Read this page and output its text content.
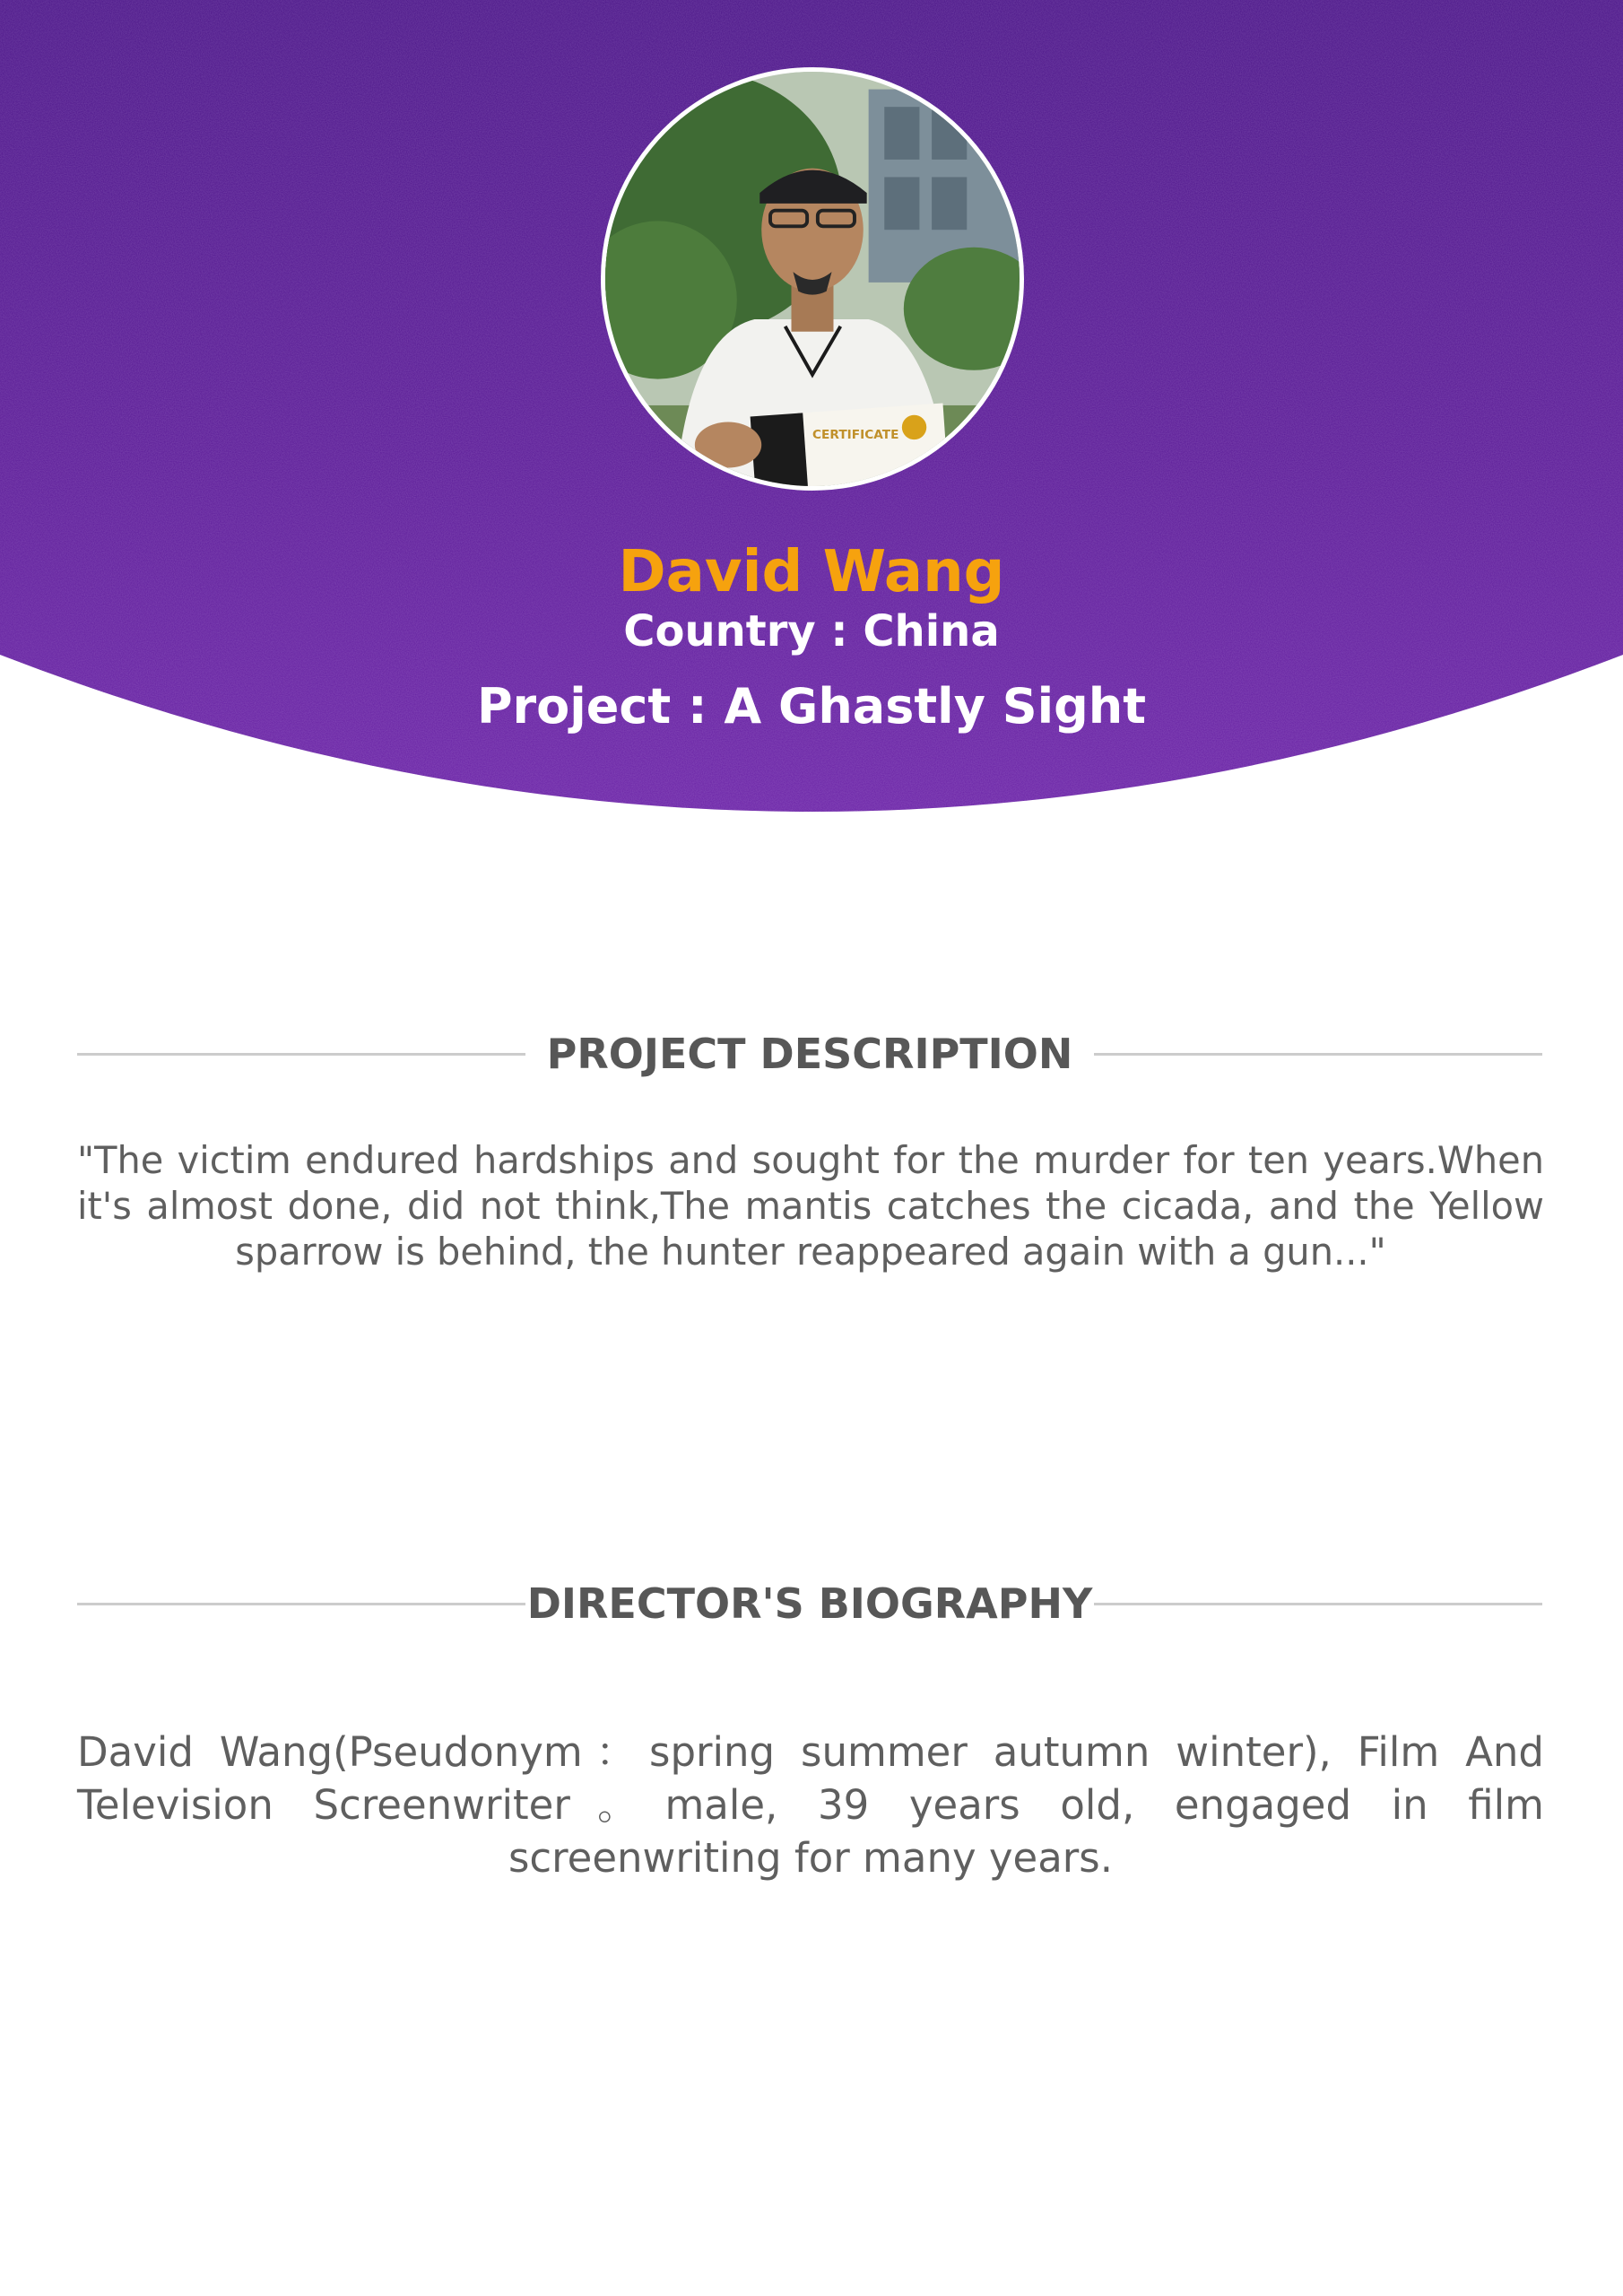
CERTIFICATE
David Wang
Country : China
Project : A Ghastly Sight
PROJECT DESCRIPTION
"The victim endured hardships and sought for the murder for ten years.When it's almost done, did not think,The mantis catches the cicada, and the Yellow sparrow is behind, the hunter reappeared again with a gun..."
DIRECTOR'S BIOGRAPHY
David Wang(Pseudonym：spring summer autumn winter), Film And Television Screenwriter。male, 39 years old, engaged in film screenwriting for many years.
